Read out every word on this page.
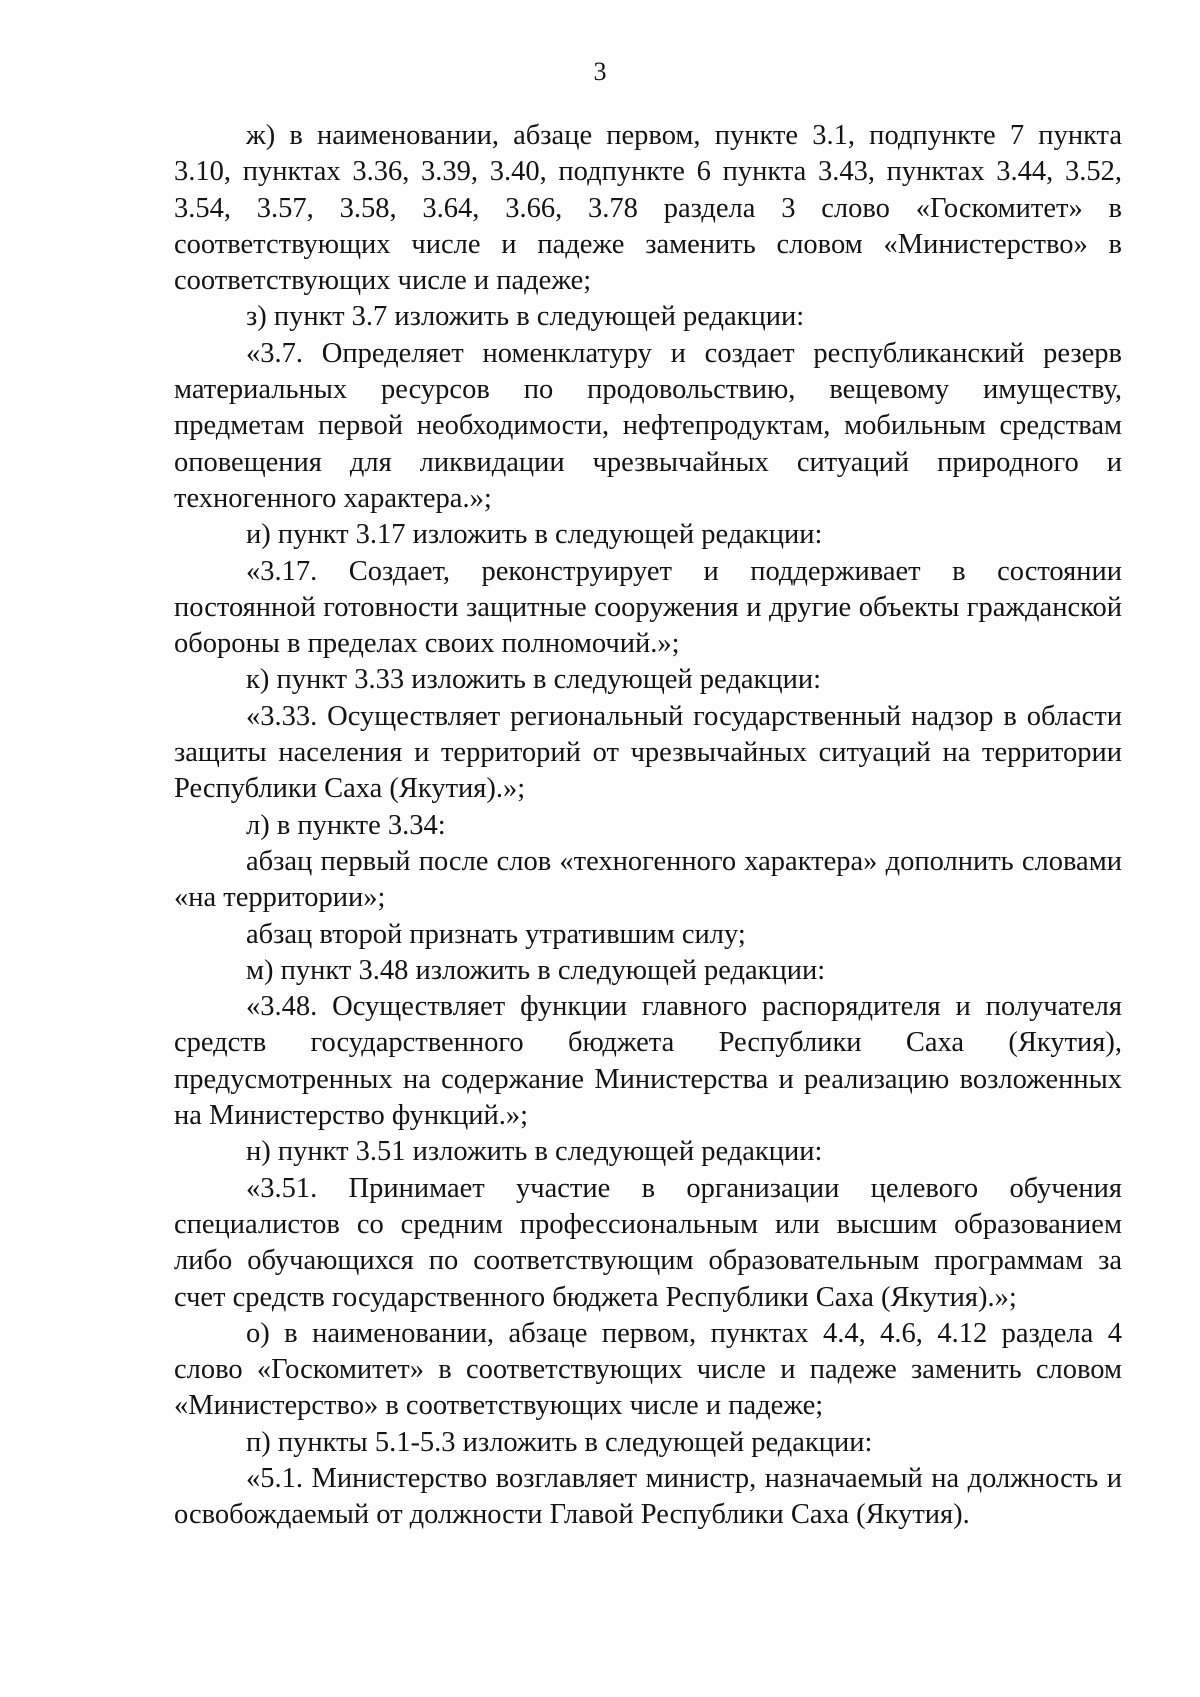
3

ж) в наименовании, абзаце первом, пункте 3.1, подпункте 7 пункта 3.10, пунктах 3.36, 3.39, 3.40, подпункте 6 пункта 3.43, пунктах 3.44, 3.52, 3.54, 3.57, 3.58, 3.64, 3.66, 3.78 раздела 3 слово «Госкомитет» в соответствующих числе и падеже заменить словом «Министерство» в соответствующих числе и падеже;

з) пункт 3.7 изложить в следующей редакции:

«3.7. Определяет номенклатуру и создает республиканский резерв материальных ресурсов по продовольствию, вещевому имуществу, предметам первой необходимости, нефтепродуктам, мобильным средствам оповещения для ликвидации чрезвычайных ситуаций природного и техногенного характера.»;

и) пункт 3.17 изложить в следующей редакции:

«3.17. Создает, реконструирует и поддерживает в состоянии постоянной готовности защитные сооружения и другие объекты гражданской обороны в пределах своих полномочий.»;

к) пункт 3.33 изложить в следующей редакции:

«3.33. Осуществляет региональный государственный надзор в области защиты населения и территорий от чрезвычайных ситуаций на территории Республики Саха (Якутия).»;

л) в пункте 3.34:

абзац первый после слов «техногенного характера» дополнить словами «на территории»;

абзац второй признать утратившим силу;

м) пункт 3.48 изложить в следующей редакции:

«3.48. Осуществляет функции главного распорядителя и получателя средств государственного бюджета Республики Саха (Якутия), предусмотренных на содержание Министерства и реализацию возложенных на Министерство функций.»;

н) пункт 3.51 изложить в следующей редакции:

«3.51. Принимает участие в организации целевого обучения специалистов со средним профессиональным или высшим образованием либо обучающихся по соответствующим образовательным программам за счет средств государственного бюджета Республики Саха (Якутия).»;

о) в наименовании, абзаце первом, пунктах 4.4, 4.6, 4.12 раздела 4 слово «Госкомитет» в соответствующих числе и падеже заменить словом «Министерство» в соответствующих числе и падеже;

п) пункты 5.1-5.3 изложить в следующей редакции:

«5.1. Министерство возглавляет министр, назначаемый на должность и освобождаемый от должности Главой Республики Саха (Якутия).
